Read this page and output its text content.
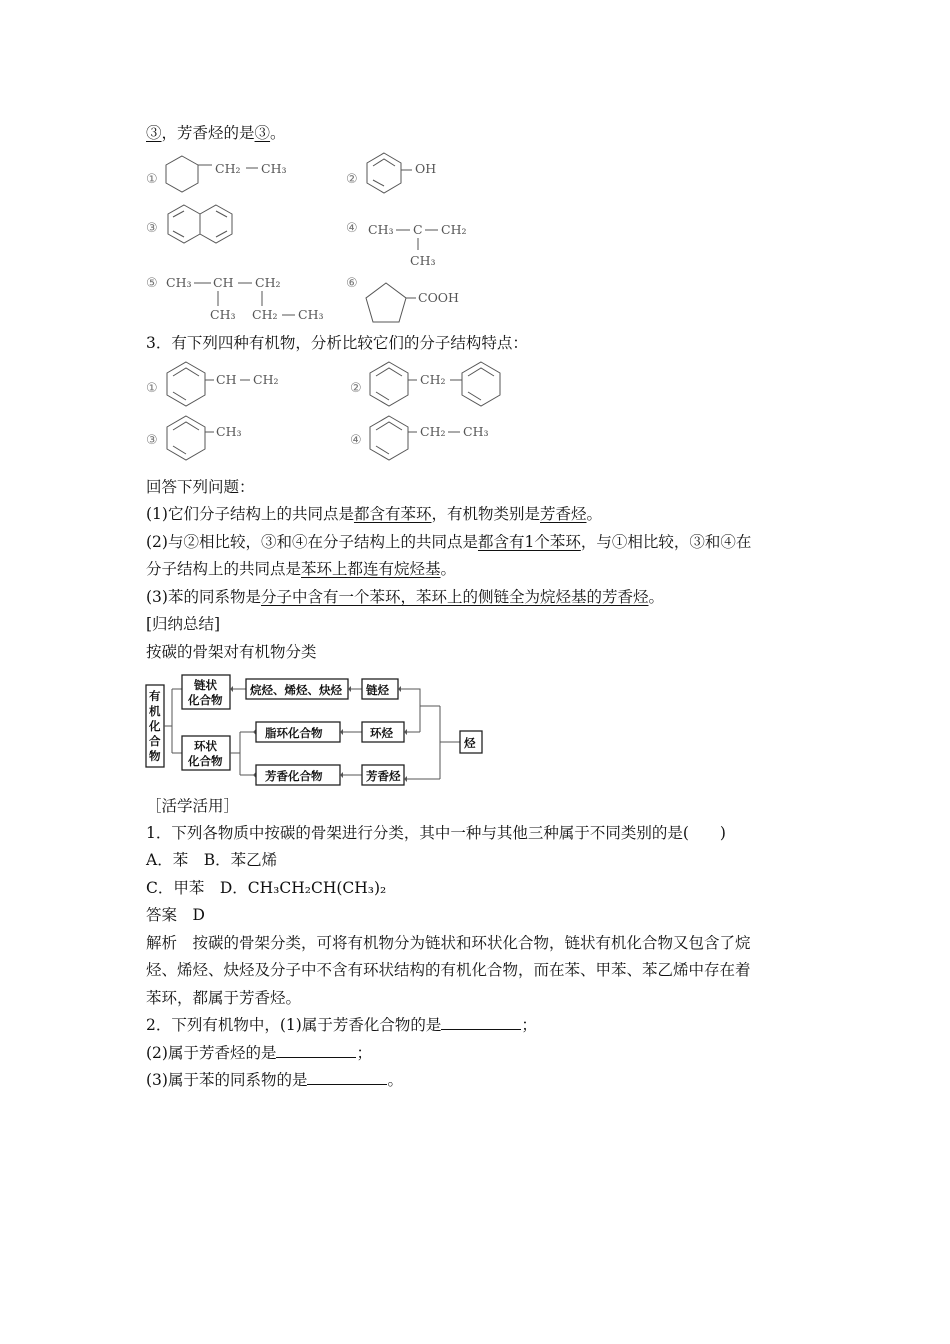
③，芳香烃的是③。
①
CH₂ CH₃
②
OH
③	④ CH₃ C CH₂
CH₃
⑤ CH₃ CH CH₂
CH₃ CH₂ CH₃
⑥
COOH
①
CH CH₂
②
CH₂
③
CH₃
④
CH₂ CH₃
3．有下列四种有机物，分析比较它们的分子结构特点：
回答下列问题：
(1)它们分子结构上的共同点是都含有苯环，有机物类别是芳香烃。
(2)与②相比较，③和④在分子结构上的共同点是都含有1个苯环，与①相比较，③和④在
分子结构上的共同点是苯环上都连有烷烃基。
(3)苯的同系物是分子中含有一个苯环，苯环上的侧链全为烷烃基的芳香烃。
[归纳总结]
按碳的骨架对有机物分类
有
机
化
合
物
链状
化合物
环状
化合物
烷烃、烯烃、炔烃 链烃
脂环化合物	环烃
芳香化合物	芳香烃
烃
［活学活用］
1．下列各物质中按碳的骨架进行分类，其中一种与其他三种属于不同类别的是(　　)
A．苯　B．苯乙烯
C．甲苯　D．CH₃CH₂CH(CH₃)₂
答案　D
解析　按碳的骨架分类，可将有机物分为链状和环状化合物，链状有机化合物又包含了烷
烃、烯烃、炔烃及分子中不含有环状结构的有机化合物，而在苯、甲苯、苯乙烯中存在着
苯环，都属于芳香烃。
2．下列有机物中，(1)属于芳香化合物的是	；
(2)属于芳香烃的是	；
(3)属于苯的同系物的是	。
